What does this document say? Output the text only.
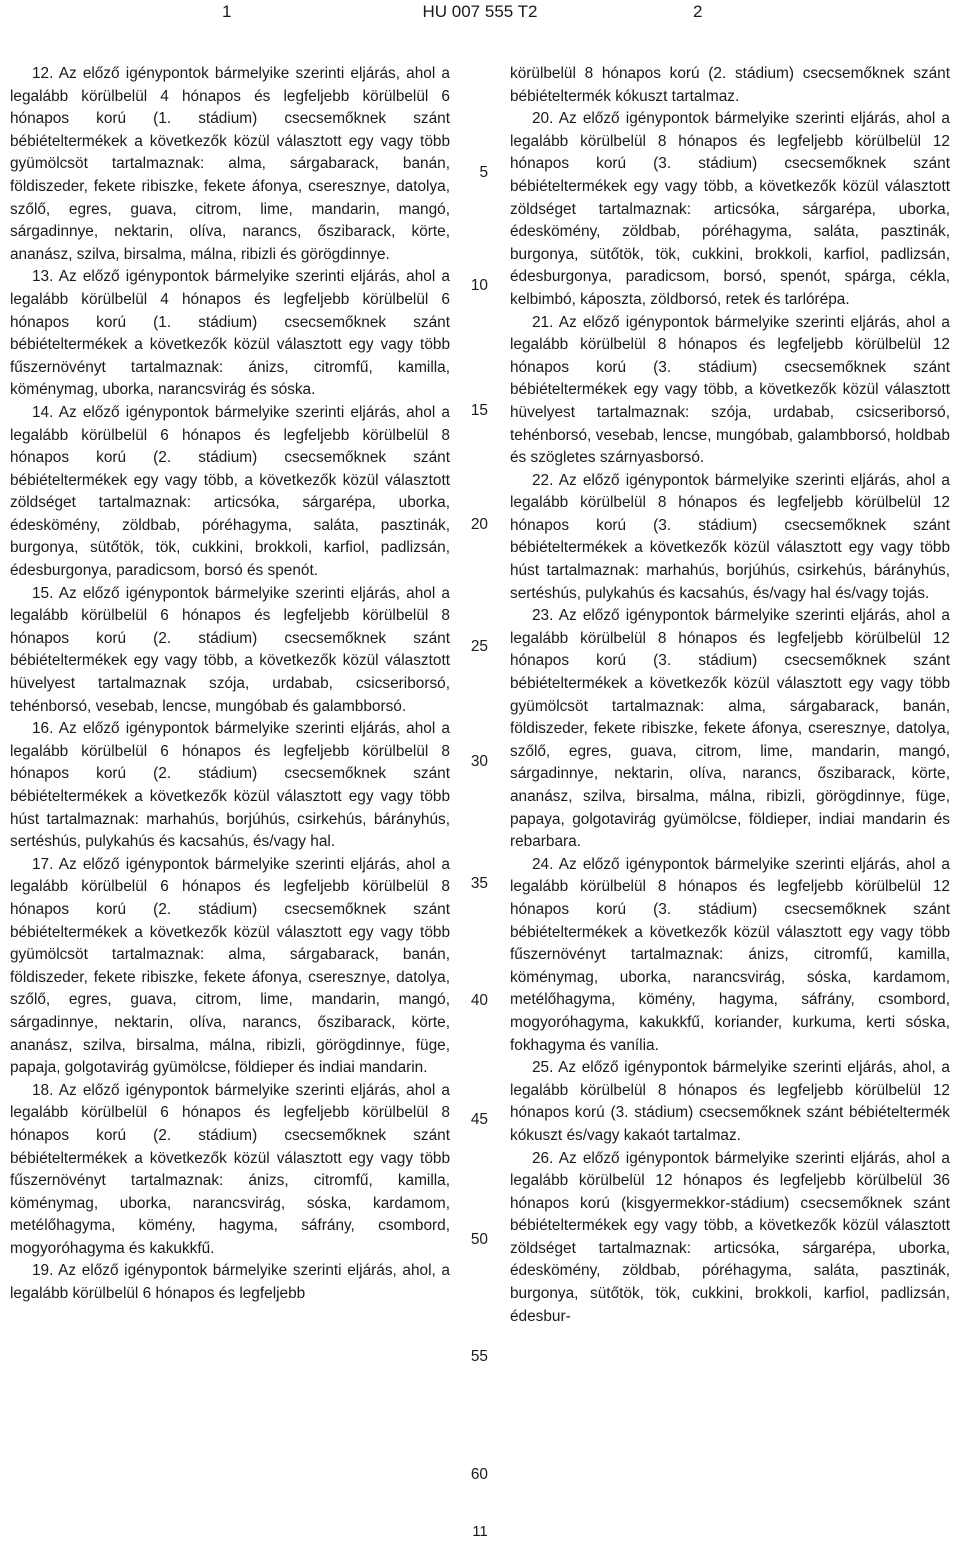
1	HU 007 555 T2	2

12. Az előző igénypontok bármelyike szerinti eljárás, ahol a legalább körülbelül 4 hónapos és legfeljebb körülbelül 6 hónapos korú (1. stádium) csecsemőknek szánt bébiételtermékek a következők közül választott egy vagy több gyümölcsöt tartalmaznak: alma, sárgabarack, banán, földiszeder, fekete ribiszke, fekete áfonya, cseresznye, datolya, szőlő, egres, guava, citrom, lime, mandarin, mangó, sárgadinnye, nektarin, olíva, narancs, őszibarack, körte, ananász, szilva, birsalma, málna, ribizli és görögdinnye.

13. Az előző igénypontok bármelyike szerinti eljárás, ahol a legalább körülbelül 4 hónapos és legfeljebb körülbelül 6 hónapos korú (1. stádium) csecsemőknek szánt bébiételtermékek a következők közül választott egy vagy több fűszernövényt tartalmaznak: ánizs, citromfű, kamilla, köménymag, uborka, narancsvirág és sóska.

14. Az előző igénypontok bármelyike szerinti eljárás, ahol a legalább körülbelül 6 hónapos és legfeljebb körülbelül 8 hónapos korú (2. stádium) csecsemőknek szánt bébiételtermékek egy vagy több, a következők közül választott zöldséget tartalmaznak: articsóka, sárgarépa, uborka, édeskömény, zöldbab, póréhagyma, saláta, pasztinák, burgonya, sütőtök, tök, cukkini, brokkoli, karfiol, padlizsán, édesburgonya, paradicsom, borsó és spenót.

15. Az előző igénypontok bármelyike szerinti eljárás, ahol a legalább körülbelül 6 hónapos és legfeljebb körülbelül 8 hónapos korú (2. stádium) csecsemőknek szánt bébiételtermékek egy vagy több, a következők közül választott hüvelyest tartalmaznak szója, urdabab, csicseriborsó, tehénborsó, vesebab, lencse, mungóbab és galambborsó.

16. Az előző igénypontok bármelyike szerinti eljárás, ahol a legalább körülbelül 6 hónapos és legfeljebb körülbelül 8 hónapos korú (2. stádium) csecsemőknek szánt bébiételtermékek a következők közül választott egy vagy több húst tartalmaznak: marhahús, borjúhús, csirkehús, bárányhús, sertéshús, pulykahús és kacsahús, és/vagy hal.

17. Az előző igénypontok bármelyike szerinti eljárás, ahol a legalább körülbelül 6 hónapos és legfeljebb körülbelül 8 hónapos korú (2. stádium) csecsemőknek szánt bébiételtermékek a következők közül választott egy vagy több gyümölcsöt tartalmaznak: alma, sárgabarack, banán, földiszeder, fekete ribiszke, fekete áfonya, cseresznye, datolya, szőlő, egres, guava, citrom, lime, mandarin, mangó, sárgadinnye, nektarin, olíva, narancs, őszibarack, körte, ananász, szilva, birsalma, málna, ribizli, görögdinnye, füge, papaja, golgotavirág gyümölcse, földieper és indiai mandarin.

18. Az előző igénypontok bármelyike szerinti eljárás, ahol a legalább körülbelül 6 hónapos és legfeljebb körülbelül 8 hónapos korú (2. stádium) csecsemőknek szánt bébiételtermékek a következők közül választott egy vagy több fűszernövényt tartalmaznak: ánizs, citromfű, kamilla, köménymag, uborka, narancsvirág, sóska, kardamom, metélőhagyma, kömény, hagyma, sáfrány, csombord, mogyoróhagyma és kakukkfű.

19. Az előző igénypontok bármelyike szerinti eljárás, ahol, a legalább körülbelül 6 hónapos és legfeljebb

körülbelül 8 hónapos korú (2. stádium) csecsemőknek szánt bébiételtermék kókuszt tartalmaz.

20. Az előző igénypontok bármelyike szerinti eljárás, ahol a legalább körülbelül 8 hónapos és legfeljebb körülbelül 12 hónapos korú (3. stádium) csecsemőknek szánt bébiételtermékek egy vagy több, a következők közül választott zöldséget tartalmaznak: articsóka, sárgarépa, uborka, édeskömény, zöldbab, póréhagyma, saláta, pasztinák, burgonya, sütőtök, tök, cukkini, brokkoli, karfiol, padlizsán, édesburgonya, paradicsom, borsó, spenót, spárga, cékla, kelbimbó, káposzta, zöldborsó, retek és tarlórépa.

21. Az előző igénypontok bármelyike szerinti eljárás, ahol a legalább körülbelül 8 hónapos és legfeljebb körülbelül 12 hónapos korú (3. stádium) csecsemőknek szánt bébiételtermékek egy vagy több, a következők közül választott hüvelyest tartalmaznak: szója, urdabab, csicseriborsó, tehénborsó, vesebab, lencse, mungóbab, galambborsó, holdbab és szögletes szárnyasborsó.

22. Az előző igénypontok bármelyike szerinti eljárás, ahol a legalább körülbelül 8 hónapos és legfeljebb körülbelül 12 hónapos korú (3. stádium) csecsemőknek szánt bébiételtermékek a következők közül választott egy vagy több húst tartalmaznak: marhahús, borjúhús, csirkehús, bárányhús, sertéshús, pulykahús és kacsahús, és/vagy hal és/vagy tojás.

23. Az előző igénypontok bármelyike szerinti eljárás, ahol a legalább körülbelül 8 hónapos és legfeljebb körülbelül 12 hónapos korú (3. stádium) csecsemőknek szánt bébiételtermékek a következők közül választott egy vagy több gyümölcsöt tartalmaznak: alma, sárgabarack, banán, földiszeder, fekete ribiszke, fekete áfonya, cseresznye, datolya, szőlő, egres, guava, citrom, lime, mandarin, mangó, sárgadinnye, nektarin, olíva, narancs, őszibarack, körte, ananász, szilva, birsalma, málna, ribizli, görögdinnye, füge, papaya, golgotavirág gyümölcse, földieper, indiai mandarin és rebarbara.

24. Az előző igénypontok bármelyike szerinti eljárás, ahol a legalább körülbelül 8 hónapos és legfeljebb körülbelül 12 hónapos korú (3. stádium) csecsemőknek szánt bébiételtermékek a következők közül választott egy vagy több fűszernövényt tartalmaznak: ánizs, citromfű, kamilla, köménymag, uborka, narancsvirág, sóska, kardamom, metélőhagyma, kömény, hagyma, sáfrány, csombord, mogyoróhagyma, kakukkfű, koriander, kurkuma, kerti sóska, fokhagyma és vanília.

25. Az előző igénypontok bármelyike szerinti eljárás, ahol, a legalább körülbelül 8 hónapos és legfeljebb körülbelül 12 hónapos korú (3. stádium) csecsemőknek szánt bébiételtermék kókuszt és/vagy kakaót tartalmaz.

26. Az előző igénypontok bármelyike szerinti eljárás, ahol a legalább körülbelül 12 hónapos és legfeljebb körülbelül 36 hónapos korú (kisgyermekkor-stádium) csecsemőknek szánt bébiételtermékek egy vagy több, a következők közül választott zöldséget tartalmaznak: articsóka, sárgarépa, uborka, édeskömény, zöldbab, póréhagyma, saláta, pasztinák, burgonya, sütőtök, tök, cukkini, brokkoli, karfiol, padlizsán, édesbur-

5
10
15
20
25
30
35
40
45
50
55
60
11
